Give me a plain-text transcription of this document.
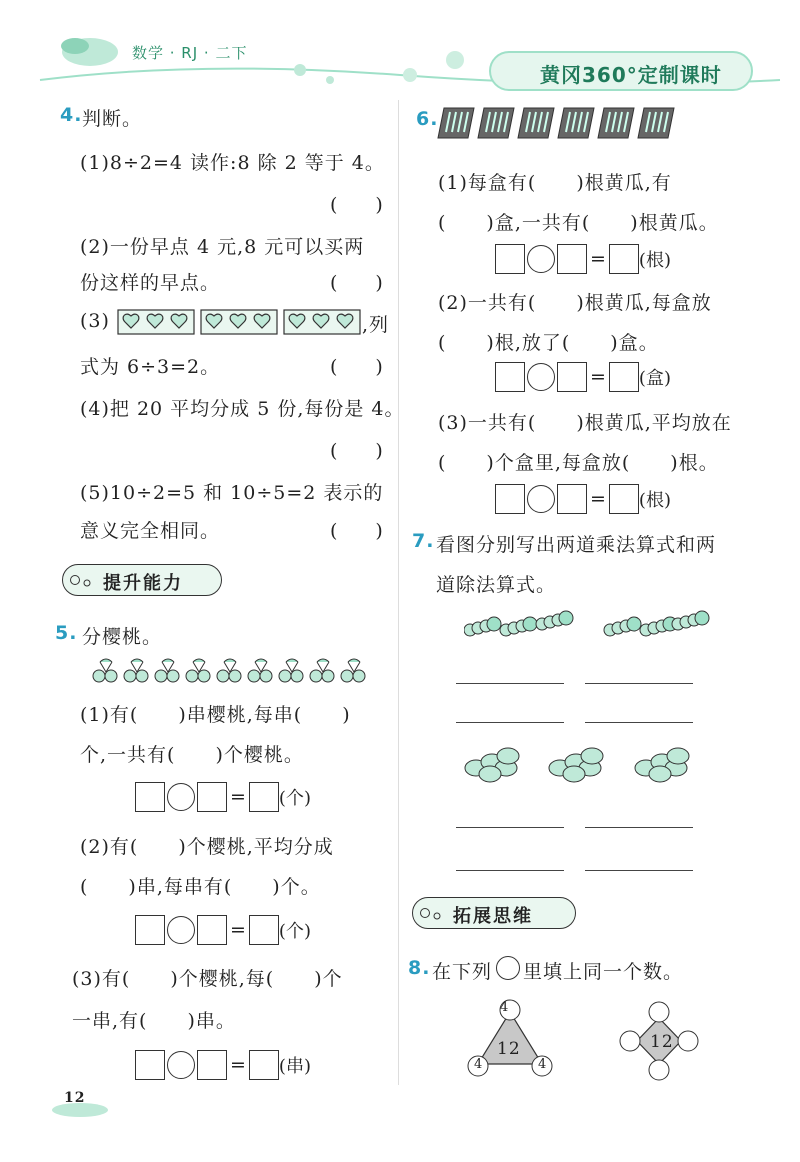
数学 · RJ · 二下
黄冈360°定制课时
4. 判断。
(1)8÷2=4 读作:8 除 2 等于 4。
(　　)
(2)一份早点 4 元,8 元可以买两
份这样的早点。	(　　)
(3)	,列
式为 6÷3=2。	(　　)
(4)把 20 平均分成 5 份,每份是 4。
(　　)
(5)10÷2=5 和 10÷5=2 表示的
意义完全相同。	(　　)
提升能力
5. 分樱桃。
(1)有(　　)串樱桃,每串(　　)
个,一共有(　　)个樱桃。
= (个)
(2)有(　　)个樱桃,平均分成
(　　)串,每串有(　　)个。
= (个)
(3)有(　　)个樱桃,每(　　)个
一串,有(　　)串。
= (串)
12
6.
(1)每盒有(　　)根黄瓜,有
(　　)盒,一共有(　　)根黄瓜。
= (根)
(2)一共有(　　)根黄瓜,每盒放
(　　)根,放了(　　)盒。
= (盒)
(3)一共有(　　)根黄瓜,平均放在
(　　)个盒里,每盒放(　　)根。
= (根)
7. 看图分别写出两道乘法算式和两
道除法算式。
拓展思维
8. 在下列 里填上同一个数。
4
12
4	4
12
